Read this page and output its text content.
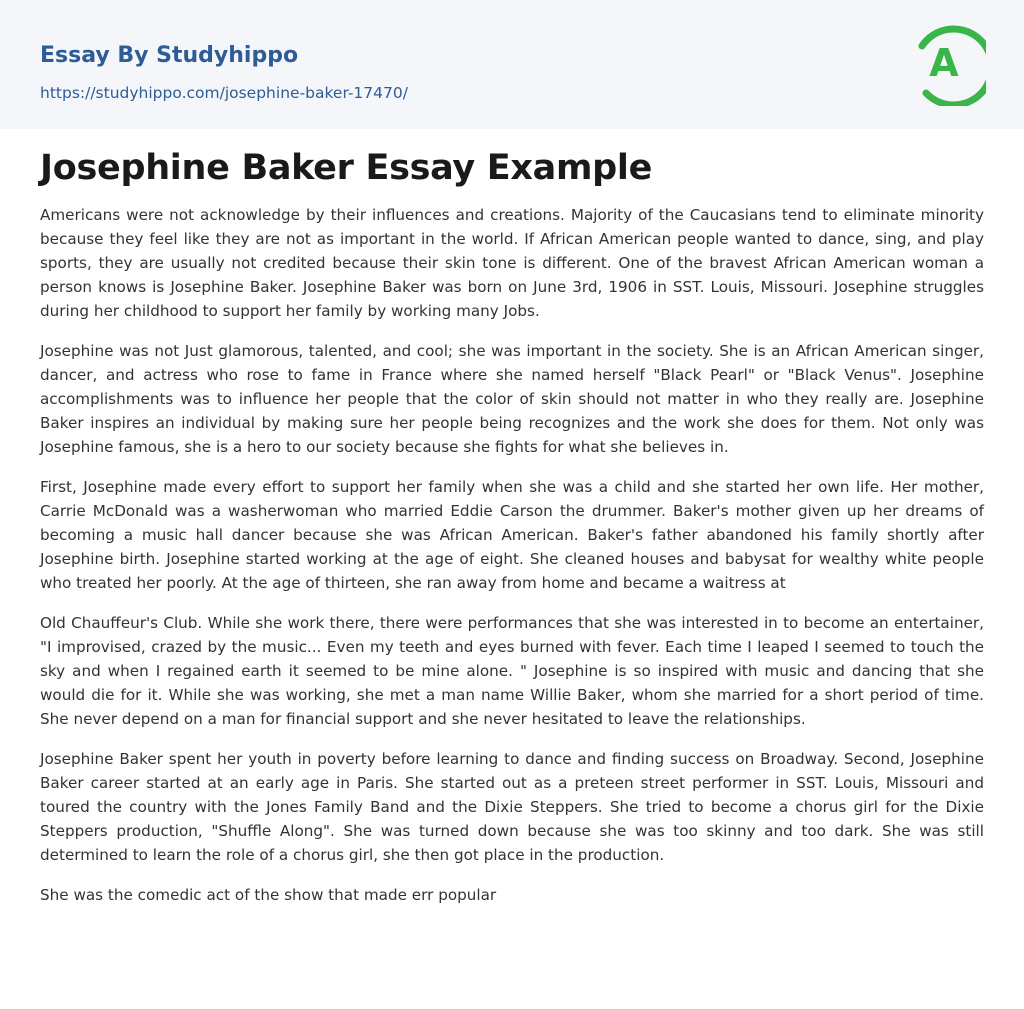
Essay By Studyhippo
https://studyhippo.com/josephine-baker-17470/
A
Josephine Baker Essay Example

Americans were not acknowledge by their influences and creations. Majority of the Caucasians tend to eliminate minority because they feel like they are not as important in the world. If African American people wanted to dance, sing, and play sports, they are usually not credited because their skin tone is different. One of the bravest African American woman a person knows is Josephine Baker. Josephine Baker was born on June 3rd, 1906 in SST. Louis, Missouri. Josephine struggles during her childhood to support her family by working many Jobs.

Josephine was not Just glamorous, talented, and cool; she was important in the society. She is an African American singer, dancer, and actress who rose to fame in France where she named herself "Black Pearl" or "Black Venus". Josephine accomplishments was to influence her people that the color of skin should not matter in who they really are. Josephine Baker inspires an individual by making sure her people being recognizes and the work she does for them. Not only was Josephine famous, she is a hero to our society because she fights for what she believes in.

First, Josephine made every effort to support her family when she was a child and she started her own life. Her mother, Carrie McDonald was a washerwoman who married Eddie Carson the drummer. Baker's mother given up her dreams of becoming a music hall dancer because she was African American. Baker's father abandoned his family shortly after Josephine birth. Josephine started working at the age of eight. She cleaned houses and babysat for wealthy white people who treated her poorly. At the age of thirteen, she ran away from home and became a waitress at

Old Chauffeur's Club. While she work there, there were performances that she was interested in to become an entertainer, "I improvised, crazed by the music... Even my teeth and eyes burned with fever. Each time I leaped I seemed to touch the sky and when I regained earth it seemed to be mine alone. " Josephine is so inspired with music and dancing that she would die for it. While she was working, she met a man name Willie Baker, whom she married for a short period of time. She never depend on a man for financial support and she never hesitated to leave the relationships.

Josephine Baker spent her youth in poverty before learning to dance and finding success on Broadway. Second, Josephine Baker career started at an early age in Paris. She started out as a preteen street performer in SST. Louis, Missouri and toured the country with the Jones Family Band and the Dixie Steppers. She tried to become a chorus girl for the Dixie Steppers production, "Shuffle Along". She was turned down because she was too skinny and too dark. She was still determined to learn the role of a chorus girl, she then got place in the production.

She was the comedic act of the show that made err popular
